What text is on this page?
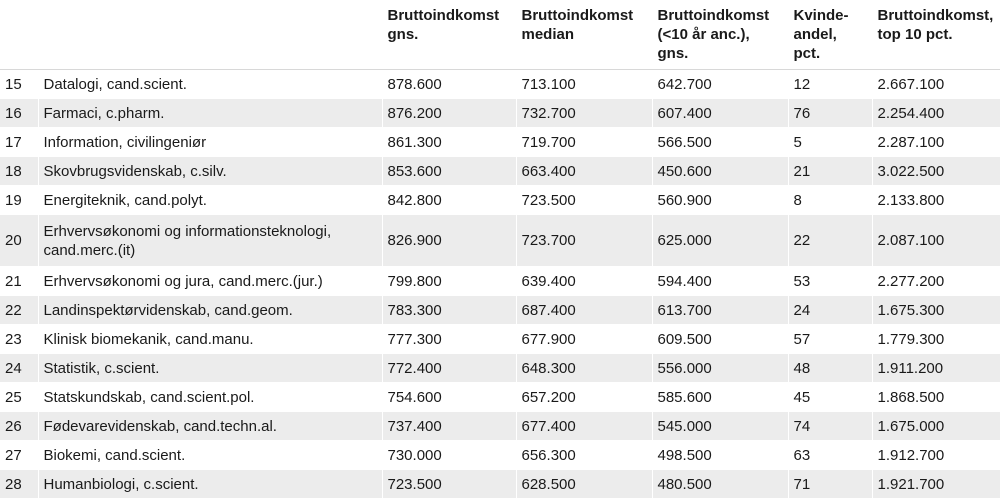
		Bruttoindkomst gns.	Bruttoindkomst median	Bruttoindkomst (<10 år anc.), gns.	Kvinde-andel, pct.	Bruttoindkomst, top 10 pct.
15	Datalogi, cand.scient.	878.600	713.100	642.700	12	2.667.100
16	Farmaci, c.pharm.	876.200	732.700	607.400	76	2.254.400
17	Information, civilingeniør	861.300	719.700	566.500	5	2.287.100
18	Skovbrugsvidenskab, c.silv.	853.600	663.400	450.600	21	3.022.500
19	Energiteknik, cand.polyt.	842.800	723.500	560.900	8	2.133.800
20	Erhvervsøkonomi og informationsteknologi, cand.merc.(it)	826.900	723.700	625.000	22	2.087.100
21	Erhvervsøkonomi og jura, cand.merc.(jur.)	799.800	639.400	594.400	53	2.277.200
22	Landinspektørvidenskab, cand.geom.	783.300	687.400	613.700	24	1.675.300
23	Klinisk biomekanik, cand.manu.	777.300	677.900	609.500	57	1.779.300
24	Statistik, c.scient.	772.400	648.300	556.000	48	1.911.200
25	Statskundskab, cand.scient.pol.	754.600	657.200	585.600	45	1.868.500
26	Fødevarevidenskab, cand.techn.al.	737.400	677.400	545.000	74	1.675.000
27	Biokemi, cand.scient.	730.000	656.300	498.500	63	1.912.700
28	Humanbiologi, c.scient.	723.500	628.500	480.500	71	1.921.700
